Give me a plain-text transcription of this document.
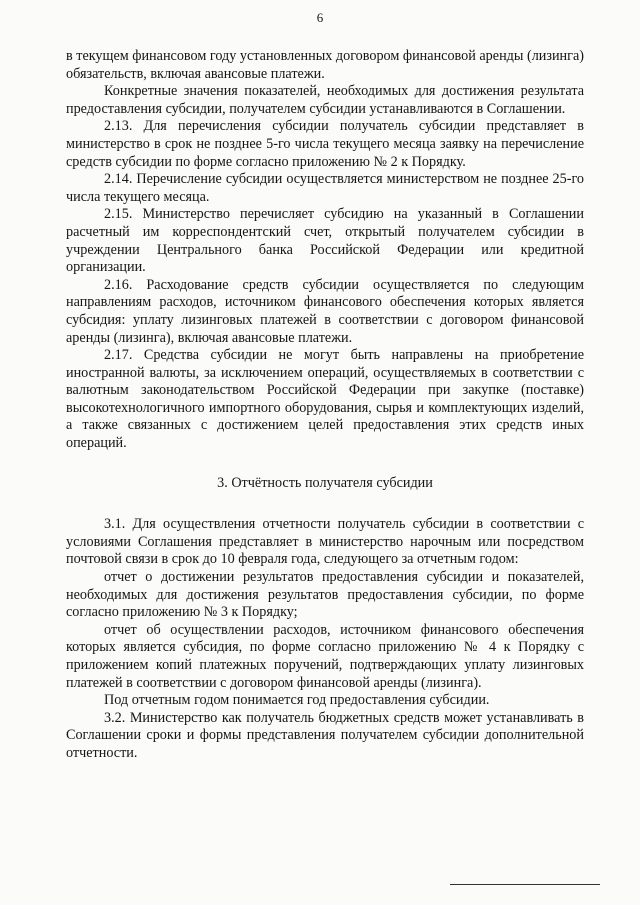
6

в текущем финансовом году установленных договором финансовой аренды (лизинга) обязательств, включая авансовые платежи.

Конкретные значения показателей, необходимых для достижения результата предоставления субсидии, получателем субсидии устанавливаются в Соглашении.

2.13. Для перечисления субсидии получатель субсидии представляет в министерство в срок не позднее 5-го числа текущего месяца заявку на перечисление средств субсидии по форме согласно приложению № 2 к Порядку.

2.14. Перечисление субсидии осуществляется министерством не позднее 25-го числа текущего месяца.

2.15. Министерство перечисляет субсидию на указанный в Соглашении расчетный им корреспондентский счет, открытый получателем субсидии в учреждении Центрального банка Российской Федерации или кредитной организации.

2.16. Расходование средств субсидии осуществляется по следующим направлениям расходов, источником финансового обеспечения которых является субсидия: уплату лизинговых платежей в соответствии с договором финансовой аренды (лизинга), включая авансовые платежи.

2.17. Средства субсидии не могут быть направлены на приобретение иностранной валюты, за исключением операций, осуществляемых в соответствии с валютным законодательством Российской Федерации при закупке (поставке) высокотехнологичного импортного оборудования, сырья и комплектующих изделий, а также связанных с достижением целей предоставления этих средств иных операций.

3. Отчётность получателя субсидии

3.1. Для осуществления отчетности получатель субсидии в соответствии с условиями Соглашения представляет в министерство нарочным или посредством почтовой связи в срок до 10 февраля года, следующего за отчетным годом:

отчет о достижении результатов предоставления субсидии и показателей, необходимых для достижения результатов предоставления субсидии, по форме согласно приложению № 3 к Порядку;

отчет об осуществлении расходов, источником финансового обеспечения которых является субсидия, по форме согласно приложению № 4 к Порядку с приложением копий платежных поручений, подтверждающих уплату лизинговых платежей в соответствии с договором финансовой аренды (лизинга).

Под отчетным годом понимается год предоставления субсидии.

3.2. Министерство как получатель бюджетных средств может устанавливать в Соглашении сроки и формы представления получателем субсидии дополнительной отчетности.
